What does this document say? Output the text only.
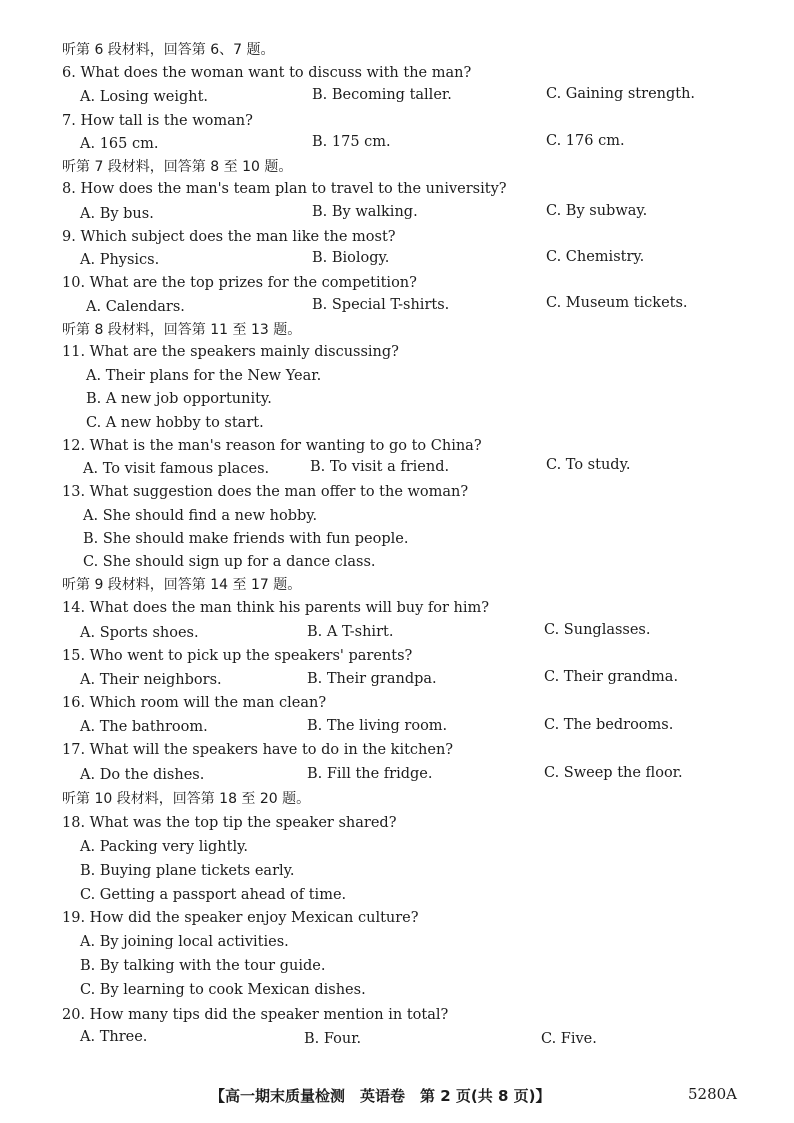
听第 6 段材料，回答第 6、7 题。
6. What does the woman want to discuss with the man?
A. Losing weight.	B. Becoming taller.	C. Gaining strength.
7. How tall is the woman?
A. 165 cm.	B. 175 cm.	C. 176 cm.
听第 7 段材料，回答第 8 至 10 题。
8. How does the man's team plan to travel to the university?
A. By bus.	B. By walking.	C. By subway.
9. Which subject does the man like the most?
A. Physics.	B. Biology.	C. Chemistry.
10. What are the top prizes for the competition?
A. Calendars.	B. Special T-shirts.	C. Museum tickets.
听第 8 段材料，回答第 11 至 13 题。
11. What are the speakers mainly discussing?
A. Their plans for the New Year.
B. A new job opportunity.
C. A new hobby to start.
12. What is the man's reason for wanting to go to China?
A. To visit famous places.	B. To visit a friend.	C. To study.
13. What suggestion does the man offer to the woman?
A. She should find a new hobby.
B. She should make friends with fun people.
C. She should sign up for a dance class.
听第 9 段材料，回答第 14 至 17 题。
14. What does the man think his parents will buy for him?
A. Sports shoes.	B. A T-shirt.	C. Sunglasses.
15. Who went to pick up the speakers' parents?
A. Their neighbors.	B. Their grandpa.	C. Their grandma.
16. Which room will the man clean?
A. The bathroom.	B. The living room.	C. The bedrooms.
17. What will the speakers have to do in the kitchen?
A. Do the dishes.	B. Fill the fridge.	C. Sweep the floor.
听第 10 段材料，回答第 18 至 20 题。
18. What was the top tip the speaker shared?
A. Packing very lightly.
B. Buying plane tickets early.
C. Getting a passport ahead of time.
19. How did the speaker enjoy Mexican culture?
A. By joining local activities.
B. By talking with the tour guide.
C. By learning to cook Mexican dishes.
20. How many tips did the speaker mention in total?
A. Three.	B. Four.	C. Five.
【高一期末质量检测　英语卷　第 2 页(共 8 页)】	5280A
